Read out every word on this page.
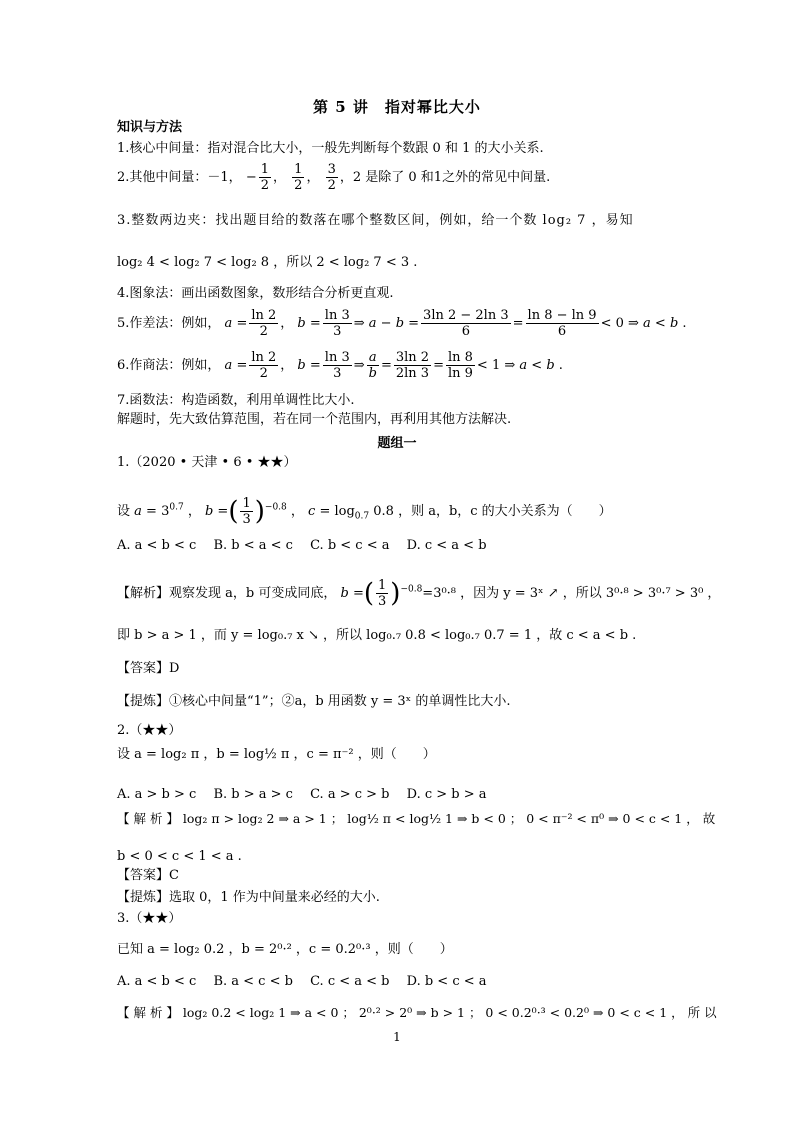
第 5 讲　指对幂比大小
知识与方法
1.核心中间量：指对混合比大小，一般先判断每个数跟 0 和 1 的大小关系.
2.其他中间量：－1， − $\frac{1}{2}$ ， $\frac{1}{2}$ ， $\frac{3}{2}$ ，2 是除了 0 和1之外的常见中间量.
3.整数两边夹：找出题目给的数落在哪个整数区间，例如，给一个数 log₂ 7 ，易知
log₂ 4 < log₂ 7 < log₂ 8 ，所以 2 < log₂ 7 < 3 .
4.图象法：画出函数图象，数形结合分析更直观.
5.作差法：例如， $a = \frac{\ln 2}{2}$ ， $b = \frac{\ln 3}{3}$ ⇒ $a - b = \frac{3\ln 2 - 2\ln 3}{6} = \frac{\ln 8 - \ln 9}{6} < 0$ ⇒ a < b .
6.作商法：例如， $a = \frac{\ln 2}{2}$ ， $b = \frac{\ln 3}{3}$ ⇒ $\frac{a}{b} = \frac{3\ln 2}{2\ln 3} = \frac{\ln 8}{\ln 9} < 1$ ⇒ a < b .
7.函数法：构造函数，利用单调性比大小.
解题时，先大致估算范围，若在同一个范围内，再利用其他方法解决.
题组一
1.（2020 • 天津 • 6 • ★★）
设 $a = 3^{0.7}$ ， b =( $\frac{1}{3} )^{-0.8}$ ， $c = \log_{0.7} 0.8$ ，则 a，b，c 的大小关系为（　　）
A. a < b < c　 B. b < a < c　 C. b < c < a　 D. c < a < b
【解析】观察发现 a，b 可变成同底， b =( $\frac{1}{3} )^{-0.8}=3^0\cdot^8$ ，因为 y = 3ˣ ↗ ，所以 3⁰·⁸ > 3⁰·⁷ > 3⁰ ，
即 b > a > 1 ，而 y = log₀.₇ x ↘ ，所以 log₀.₇ 0.8 < log₀.₇ 0.7 = 1 ，故 c < a < b .
【答案】D
【提炼】①核心中间量“1”；②a，b 用函数 y = 3ˣ 的单调性比大小.
2.（★★）
设 a = log₂ π ，b = log½ π ，c = π⁻² ，则（　　）
A. a > b > c　 B. b > a > c　 C. a > c > b　 D. c > b > a
【 解 析 】 log₂ π > log₂ 2 ⇒ a > 1 ； log½ π < log½ 1 ⇒ b < 0 ； 0 < π⁻² < π⁰ ⇒ 0 < c < 1 ， 故
b < 0 < c < 1 < a .
【答案】C
【提炼】选取 0，1 作为中间量来必经的大小.
3.（★★）
已知 a = log₂ 0.2 ，b = 2⁰·² ，c = 0.2⁰·³ ，则（　　）
A. a < b < c　 B. a < c < b　 C. c < a < b　 D. b < c < a
【 解 析 】 log₂ 0.2 < log₂ 1 ⇒ a < 0 ； 2⁰·² > 2⁰ ⇒ b > 1 ； 0 < 0.2⁰·³ < 0.2⁰ ⇒ 0 < c < 1 ， 所 以
1
